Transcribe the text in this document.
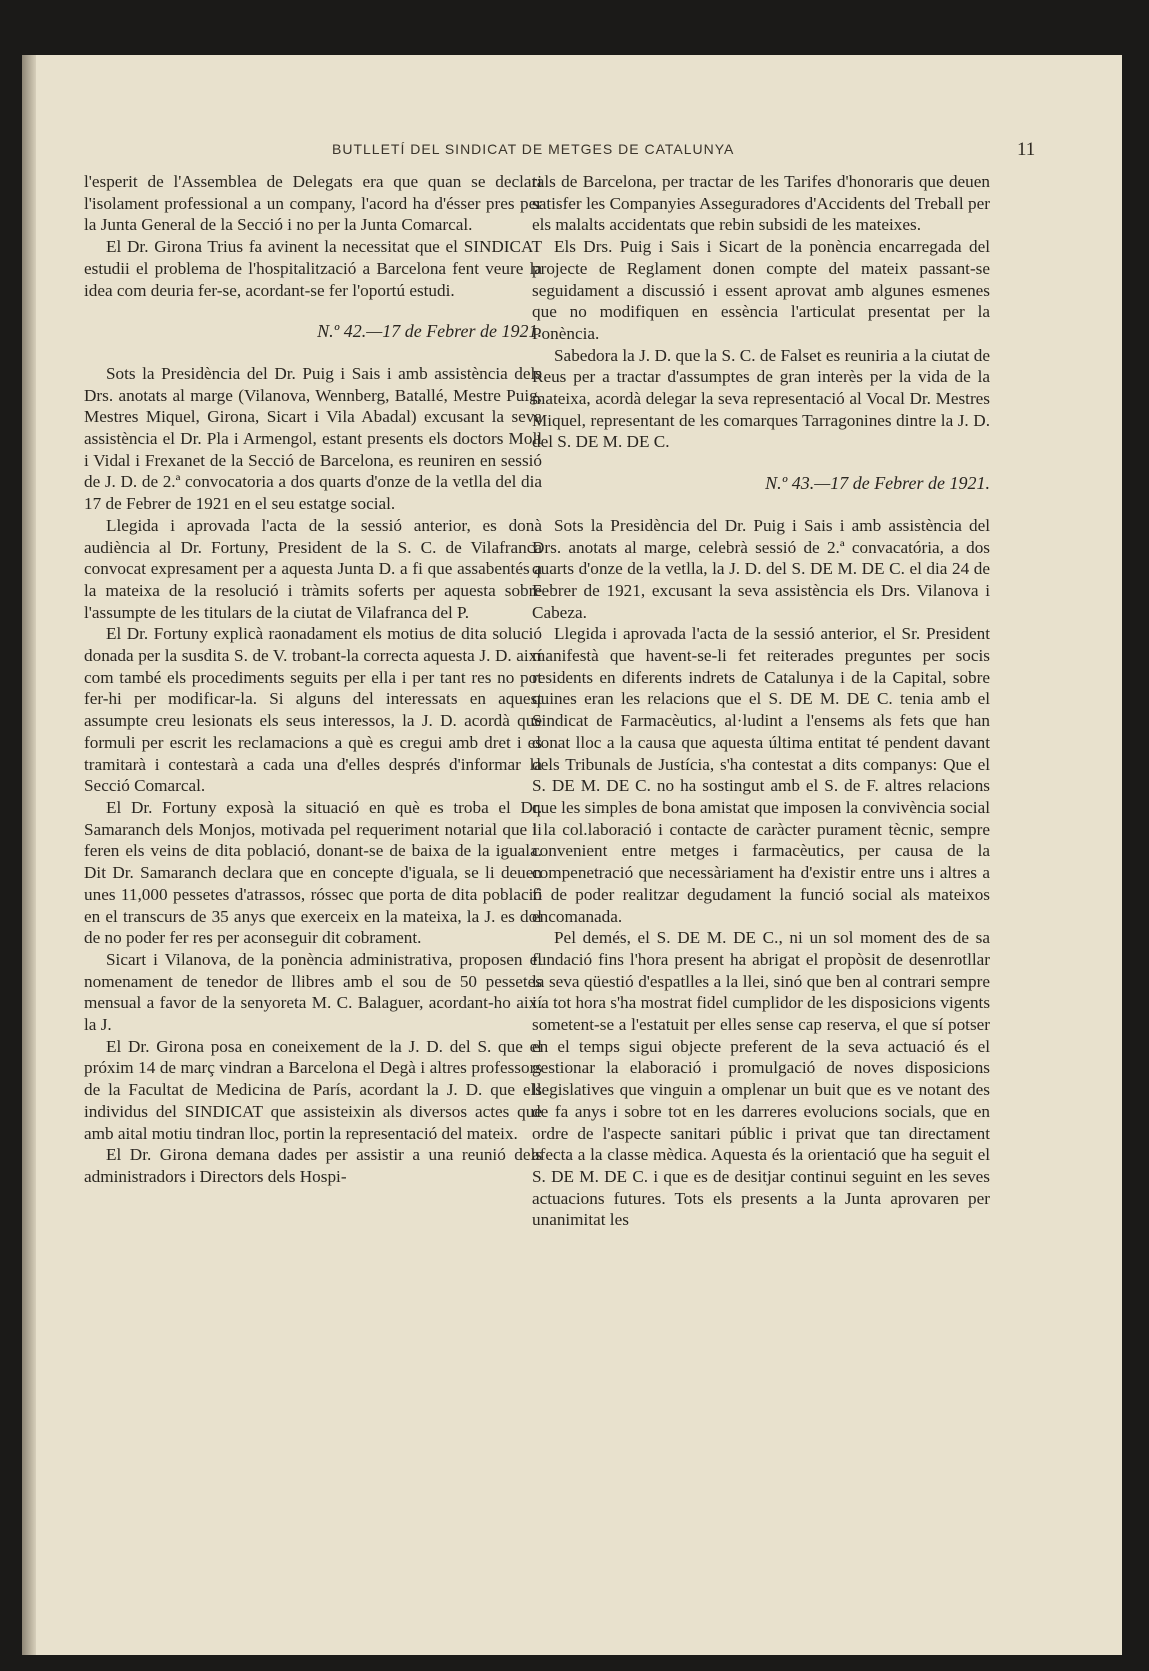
BUTLLETÍ DEL SINDICAT DE METGES DE CATALUNYA	11

l'esperit de l'Assemblea de Delegats era que quan se declari l'isolament professional a un company, l'acord ha d'ésser pres per la Junta General de la Secció i no per la Junta Comarcal.

El Dr. Girona Trius fa avinent la necessitat que el SINDICAT estudii el problema de l'hospitalització a Barcelona fent veure la idea com deuria fer-se, acordant-se fer l'oportú estudi.

N.º 42.—17 de Febrer de 1921.

Sots la Presidència del Dr. Puig i Sais i amb assistència dels Drs. anotats al marge (Vilanova, Wennberg, Batallé, Mestre Puig, Mestres Miquel, Girona, Sicart i Vila Abadal) excusant la seva assistència el Dr. Pla i Armengol, estant presents els doctors Moll i Vidal i Frexanet de la Secció de Barcelona, es reuniren en sessió de J. D. de 2.ª convocatoria a dos quarts d'onze de la vetlla del dia 17 de Febrer de 1921 en el seu estatge social.

Llegida i aprovada l'acta de la sessió anterior, es donà audiència al Dr. Fortuny, President de la S. C. de Vilafranca convocat expresament per a aquesta Junta D. a fi que assabentés a la mateixa de la resolució i tràmits soferts per aquesta sobre l'assumpte de les titulars de la ciutat de Vilafranca del P.

El Dr. Fortuny explicà raonadament els motius de dita solució donada per la susdita S. de V. trobant-la correcta aquesta J. D. així com també els procediments seguits per ella i per tant res no pot fer-hi per modificar-la. Si alguns del interessats en aquest assumpte creu lesionats els seus interessos, la J. D. acordà que formuli per escrit les reclamacions a què es cregui amb dret i es tramitarà i contestarà a cada una d'elles després d'informar la Secció Comarcal.

El Dr. Fortuny exposà la situació en què es troba el Dr. Samaranch dels Monjos, motivada pel requeriment notarial que li feren els veins de dita població, donant-se de baixa de la iguala. Dit Dr. Samaranch declara que en concepte d'iguala, se li deuen unes 11,000 pessetes d'atrassos, róssec que porta de dita població en el transcurs de 35 anys que exerceix en la mateixa, la J. es dol de no poder fer res per aconseguir dit cobrament.

Sicart i Vilanova, de la ponència administrativa, proposen el nomenament de tenedor de llibres amb el sou de 50 pessetes mensual a favor de la senyoreta M. C. Balaguer, acordant-ho així la J.

El Dr. Girona posa en coneixement de la J. D. del S. que el próxim 14 de març vindran a Barcelona el Degà i altres professors de la Facultat de Medicina de París, acordant la J. D. que els individus del SINDICAT que assisteixin als diversos actes que amb aital motiu tindran lloc, portin la representació del mateix.

El Dr. Girona demana dades per assistir a una reunió dels administradors i Directors dels Hospi-

tals de Barcelona, per tractar de les Tarifes d'honoraris que deuen satisfer les Companyies Asseguradores d'Accidents del Treball per els malalts accidentats que rebin subsidi de les mateixes.

Els Drs. Puig i Sais i Sicart de la ponència encarregada del projecte de Reglament donen compte del mateix passant-se seguidament a discussió i essent aprovat amb algunes esmenes que no modifiquen en essència l'articulat presentat per la Ponència.

Sabedora la J. D. que la S. C. de Falset es reuniria a la ciutat de Reus per a tractar d'assumptes de gran interès per la vida de la mateixa, acordà delegar la seva representació al Vocal Dr. Mestres Miquel, representant de les comarques Tarragonines dintre la J. D. del S. DE M. DE C.

N.º 43.—17 de Febrer de 1921.

Sots la Presidència del Dr. Puig i Sais i amb assistència del Drs. anotats al marge, celebrà sessió de 2.ª convacatória, a dos quarts d'onze de la vetlla, la J. D. del S. DE M. DE C. el dia 24 de Febrer de 1921, excusant la seva assistència els Drs. Vilanova i Cabeza.

Llegida i aprovada l'acta de la sessió anterior, el Sr. President manifestà que havent-se-li fet reiterades preguntes per socis residents en diferents indrets de Catalunya i de la Capital, sobre quines eran les relacions que el S. DE M. DE C. tenia amb el Sindicat de Farmacèutics, al·ludint a l'ensems als fets que han donat lloc a la causa que aquesta última entitat té pendent davant dels Tribunals de Justícia, s'ha contestat a dits companys: Que el S. DE M. DE C. no ha sostingut amb el S. de F. altres relacions que les simples de bona amistat que imposen la convivència social i la col.laboració i contacte de caràcter purament tècnic, sempre convenient entre metges i farmacèutics, per causa de la compenetració que necessàriament ha d'existir entre uns i altres a fi de poder realitzar degudament la funció social als mateixos encomanada.

Pel demés, el S. DE M. DE C., ni un sol moment des de sa fundació fins l'hora present ha abrigat el propòsit de desenrotllar la seva qüestió d'espatlles a la llei, sinó que ben al contrari sempre i a tot hora s'ha mostrat fidel cumplidor de les disposicions vigents sometent-se a l'estatuit per elles sense cap reserva, el que sí potser en el temps sigui objecte preferent de la seva actuació és el gestionar la elaboració i promulgació de noves disposicions llegislatives que vinguin a omplenar un buit que es ve notant des de fa anys i sobre tot en les darreres evolucions socials, que en ordre de l'aspecte sanitari públic i privat que tan directament afecta a la classe mèdica. Aquesta és la orientació que ha seguit el S. DE M. DE C. i que es de desitjar continui seguint en les seves actuacions futures. Tots els presents a la Junta aprovaren per unanimitat les
